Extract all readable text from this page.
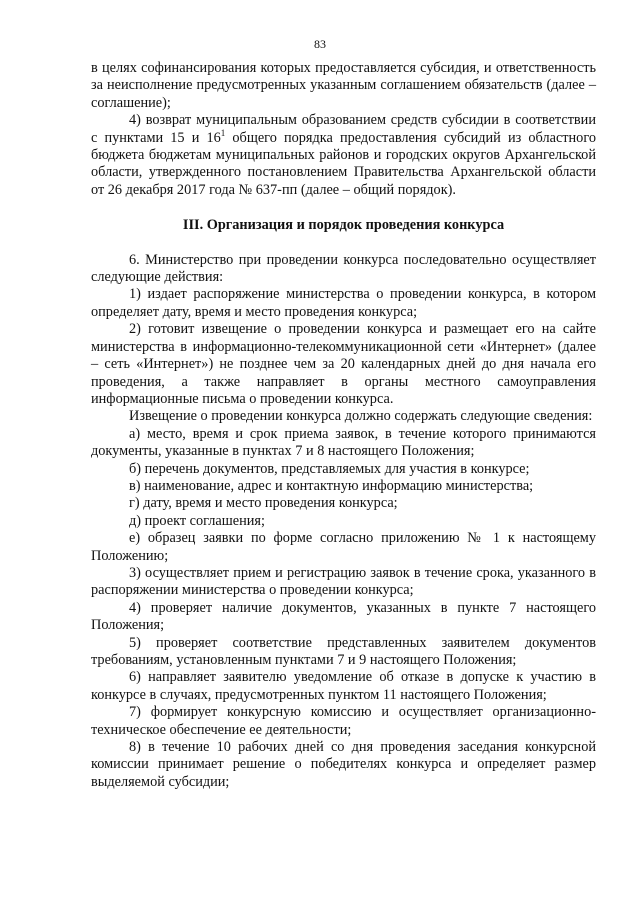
83

в целях софинансирования которых предоставляется субсидия, и ответственность за неисполнение предусмотренных указанным соглашением обязательств (далее – соглашение);

4) возврат муниципальным образованием средств субсидии в соответствии с пунктами 15 и $16^1$ общего порядка предоставления субсидий из областного бюджета бюджетам муниципальных районов и городских округов Архангельской области, утвержденного постановлением Правительства Архангельской области от 26 декабря 2017 года № 637-пп (далее – общий порядок).

III. Организация и порядок проведения конкурса

6. Министерство при проведении конкурса последовательно осуществляет следующие действия:

1) издает распоряжение министерства о проведении конкурса, в котором определяет дату, время и место проведения конкурса;

2) готовит извещение о проведении конкурса и размещает его на сайте министерства в информационно-телекоммуникационной сети «Интернет» (далее – сеть «Интернет») не позднее чем за 20 календарных дней до дня начала его проведения, а также направляет в органы местного самоуправления информационные письма о проведении конкурса.

Извещение о проведении конкурса должно содержать следующие сведения:

а) место, время и срок приема заявок, в течение которого принимаются документы, указанные в пунктах 7 и 8 настоящего Положения;

б) перечень документов, представляемых для участия в конкурсе;

в) наименование, адрес и контактную информацию министерства;

г) дату, время и место проведения конкурса;

д) проект соглашения;

е) образец заявки по форме согласно приложению № 1 к настоящему Положению;

3) осуществляет прием и регистрацию заявок в течение срока, указанного в распоряжении министерства о проведении конкурса;

4) проверяет наличие документов, указанных в пункте 7 настоящего Положения;

5) проверяет соответствие представленных заявителем документов требованиям, установленным пунктами 7 и 9 настоящего Положения;

6) направляет заявителю уведомление об отказе в допуске к участию в конкурсе в случаях, предусмотренных пунктом 11 настоящего Положения;

7) формирует конкурсную комиссию и осуществляет организационно-техническое обеспечение ее деятельности;

8) в течение 10 рабочих дней со дня проведения заседания конкурсной комиссии принимает решение о победителях конкурса и определяет размер выделяемой субсидии;
